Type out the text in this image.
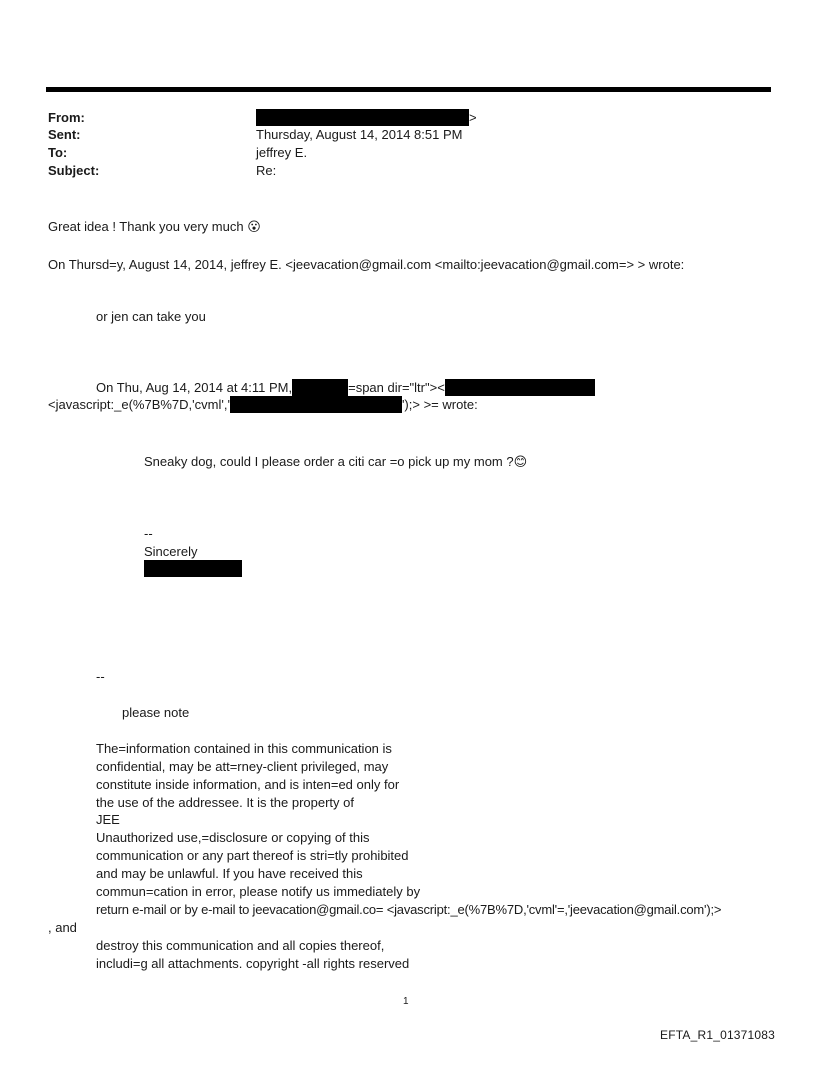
From:	>
Sent:	Thursday, August 14, 2014 8:51 PM
To:	jeffrey E.
Subject:	Re:
Great idea ! Thank you very much 😮
On Thursd=y, August 14, 2014, jeffrey E. <jeevacation@gmail.com <mailto:jeevacation@gmail.com=> > wrote:
or jen can take you
On Thu, Aug 14, 2014 at 4:11 PM,	=span dir="ltr"><
<javascript:_e(%7B%7D,'cvml','	');> >= wrote:
Sneaky dog, could I please order a citi car =o pick up my mom ?😊
--
Sincerely
--
please note
The=information contained in this communication is
confidential, may be att=rney-client privileged, may
constitute inside information, and is inten=ed only for
the use of the addressee. It is the property of
JEE
Unauthorized use,=disclosure or copying of this
communication or any part thereof is stri=tly prohibited
and may be unlawful. If you have received this
commun=cation in error, please notify us immediately by
return e-mail or by e-mail to jeevacation@gmail.co= <javascript:_e(%7B%7D,'cvml'=,'jeevacation@gmail.com');>
, and
destroy this communication and all copies thereof,
includi=g all attachments. copyright -all rights reserved
1
EFTA_R1_01371083
